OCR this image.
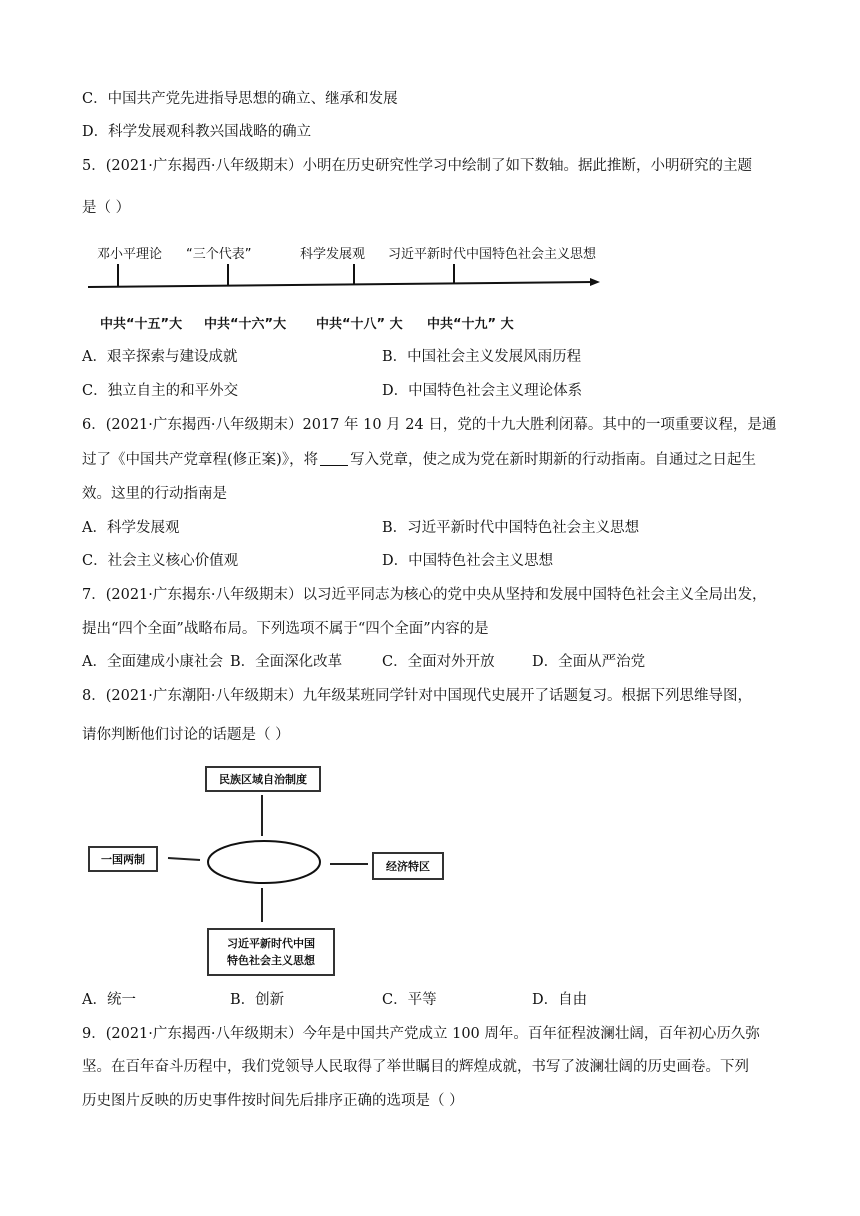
C．中国共产党先进指导思想的确立、继承和发展
D．科学发展观科教兴国战略的确立
5．(2021·广东揭西·八年级期末）小明在历史研究性学习中绘制了如下数轴。据此推断，小明研究的主题
是（ ）
邓小平理论 “三个代表”	科学发展观 习近平新时代中国特色社会主义思想
中共“十五”大 中共“十六”大 中共“十八” 大 中共“十九” 大
A．艰辛探索与建设成就	B．中国社会主义发展风雨历程
C．独立自主的和平外交	D．中国特色社会主义理论体系
6．(2021·广东揭西·八年级期末）2017 年 10 月 24 日，党的十九大胜利闭幕。其中的一项重要议程，是通
过了《中国共产党章程(修正案)》，将 写入党章，使之成为党在新时期新的行动指南。自通过之日起生
效。这里的行动指南是
A．科学发展观	B．习近平新时代中国特色社会主义思想
C．社会主义核心价值观	D．中国特色社会主义思想
7．(2021·广东揭东·八年级期末）以习近平同志为核心的党中央从坚持和发展中国特色社会主义全局出发，
提出“四个全面”战略布局。下列选项不属于“四个全面”内容的是
A．全面建成小康社会 B．全面深化改革	C．全面对外开放	D．全面从严治党
8．(2021·广东潮阳·八年级期末）九年级某班同学针对中国现代史展开了话题复习。根据下列思维导图，
请你判断他们讨论的话题是（ ）
民族区域自治制度
一国两制
经济特区
习近平新时代中国
特色社会主义思想
A．统一	B．创新	C．平等	D．自由
9．(2021·广东揭西·八年级期末）今年是中国共产党成立 100 周年。百年征程波澜壮阔，百年初心历久弥
坚。在百年奋斗历程中，我们党领导人民取得了举世瞩目的辉煌成就，书写了波澜壮阔的历史画卷。下列
历史图片反映的历史事件按时间先后排序正确的选项是（ ）
